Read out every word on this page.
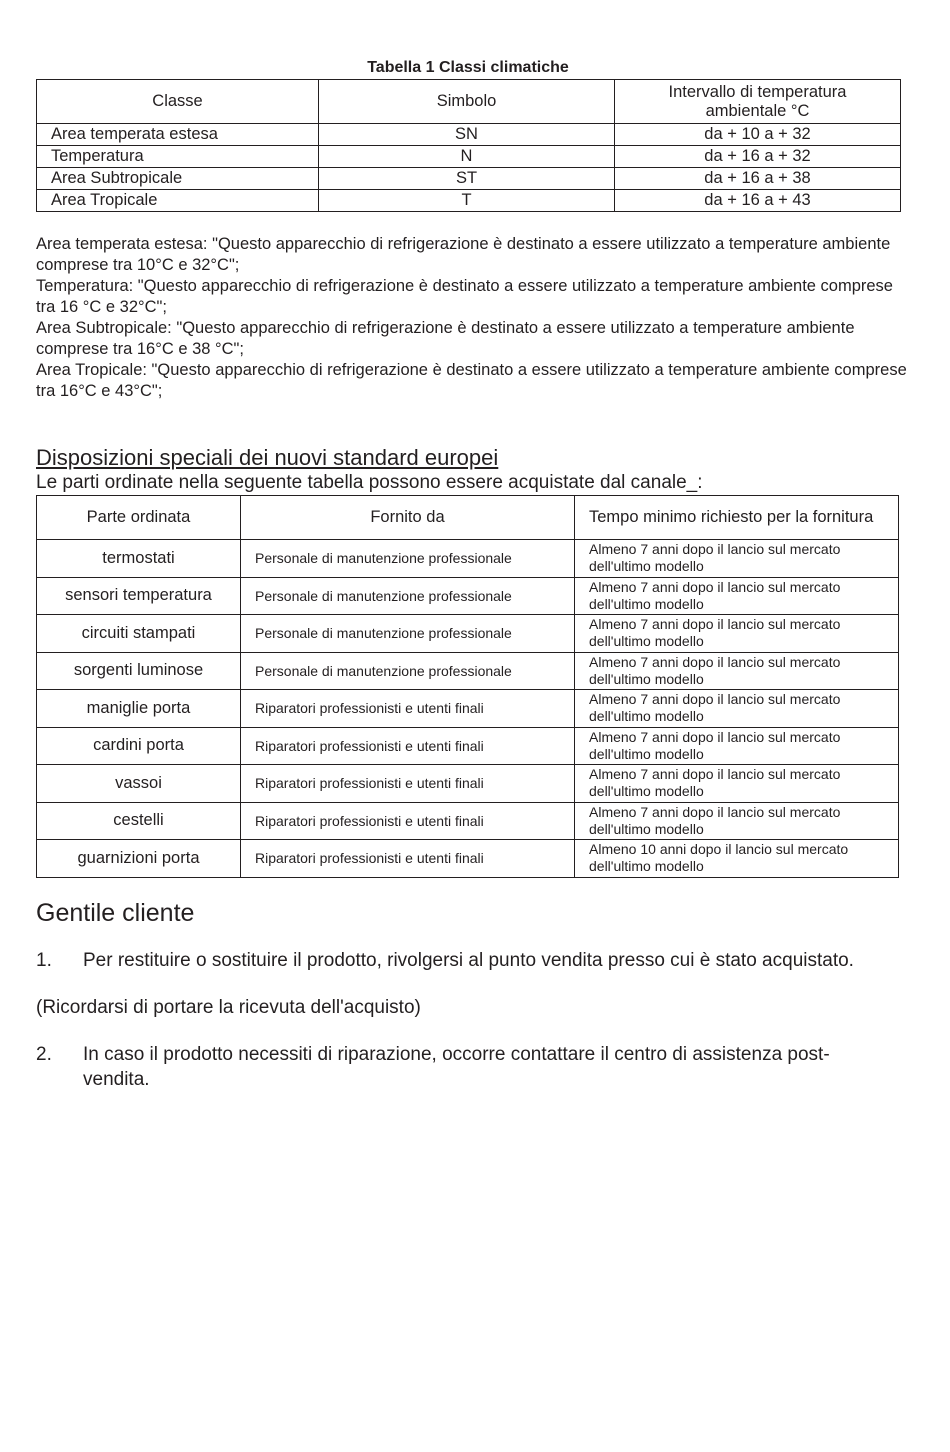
Tabella 1 Classi climatiche
Classe	Simbolo	Intervallo di temperatura ambientale °C
Area temperata estesa	SN	da + 10 a + 32
Temperatura	N	da + 16 a + 32
Area Subtropicale	ST	da + 16 a + 38
Area Tropicale	T	da + 16 a + 43
Area temperata estesa: "Questo apparecchio di refrigerazione è destinato a essere utilizzato a temperature ambiente comprese tra 10°C e 32°C";
Temperatura: "Questo apparecchio di refrigerazione è destinato a essere utilizzato a temperature ambiente comprese tra 16 °C e 32°C";
Area Subtropicale: "Questo apparecchio di refrigerazione è destinato a essere utilizzato a temperature ambiente comprese tra 16°C e 38 °C";
Area Tropicale: "Questo apparecchio di refrigerazione è destinato a essere utilizzato a temperature ambiente comprese tra 16°C e 43°C";
Disposizioni speciali dei nuovi standard europei
Le parti ordinate nella seguente tabella possono essere acquistate dal canale_:
Parte ordinata	Fornito da	Tempo minimo richiesto per la fornitura
termostati	Personale di manutenzione professionale	Almeno 7 anni dopo il lancio sul mercato dell'ultimo modello
sensori temperatura	Personale di manutenzione professionale	Almeno 7 anni dopo il lancio sul mercato dell'ultimo modello
circuiti stampati	Personale di manutenzione professionale	Almeno 7 anni dopo il lancio sul mercato dell'ultimo modello
sorgenti luminose	Personale di manutenzione professionale	Almeno 7 anni dopo il lancio sul mercato dell'ultimo modello
maniglie porta	Riparatori professionisti e utenti finali	Almeno 7 anni dopo il lancio sul mercato dell'ultimo modello
cardini porta	Riparatori professionisti e utenti finali	Almeno 7 anni dopo il lancio sul mercato dell'ultimo modello
vassoi	Riparatori professionisti e utenti finali	Almeno 7 anni dopo il lancio sul mercato dell'ultimo modello
cestelli	Riparatori professionisti e utenti finali	Almeno 7 anni dopo il lancio sul mercato dell'ultimo modello
guarnizioni porta	Riparatori professionisti e utenti finali	Almeno 10 anni dopo il lancio sul mercato dell'ultimo modello
Gentile cliente
1. Per restituire o sostituire il prodotto, rivolgersi al punto vendita presso cui è stato acquistato.
(Ricordarsi di portare la ricevuta dell'acquisto)
2. In caso il prodotto necessiti di riparazione, occorre contattare il centro di assistenza post-vendita.
